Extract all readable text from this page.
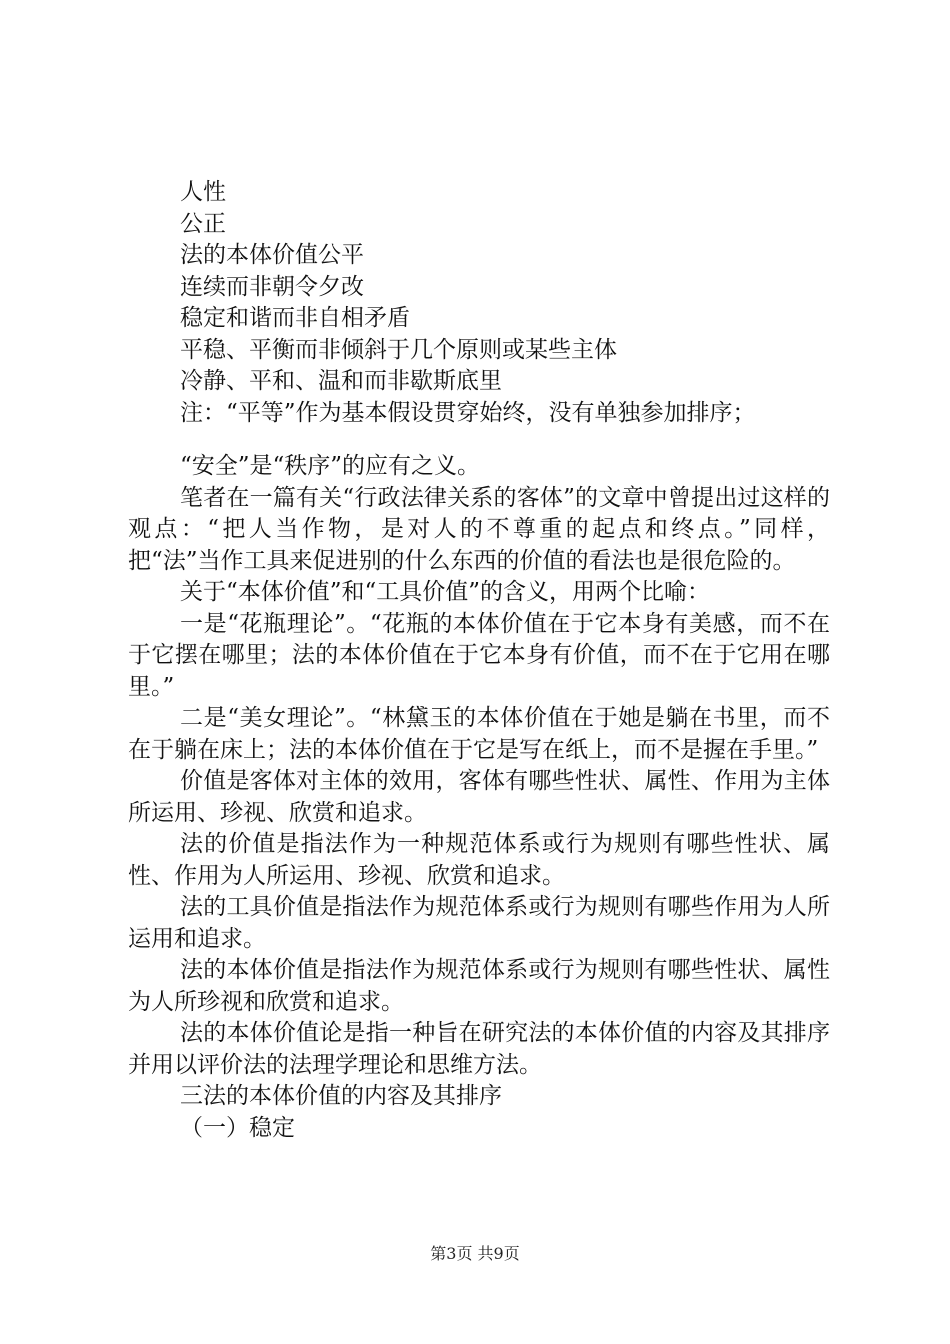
人性
公正
法的本体价值公平
连续而非朝令夕改
稳定和谐而非自相矛盾
平稳、平衡而非倾斜于几个原则或某些主体
冷静、平和、温和而非歇斯底里
注：“平等”作为基本假设贯穿始终，没有单独参加排序；
“安全”是“秩序”的应有之义。
笔者在一篇有关“行政法律关系的客体”的文章中曾提出过这样的观点：“把人当作物，是对人的不尊重的起点和终点。”同样，把“法”当作工具来促进别的什么东西的价值的看法也是很危险的。
关于“本体价值”和“工具价值”的含义，用两个比喻：
一是“花瓶理论”。“花瓶的本体价值在于它本身有美感，而不在于它摆在哪里；法的本体价值在于它本身有价值，而不在于它用在哪里。”
二是“美女理论”。“林黛玉的本体价值在于她是躺在书里，而不在于躺在床上；法的本体价值在于它是写在纸上，而不是握在手里。”
价值是客体对主体的效用，客体有哪些性状、属性、作用为主体所运用、珍视、欣赏和追求。
法的价值是指法作为一种规范体系或行为规则有哪些性状、属性、作用为人所运用、珍视、欣赏和追求。
法的工具价值是指法作为规范体系或行为规则有哪些作用为人所运用和追求。
法的本体价值是指法作为规范体系或行为规则有哪些性状、属性为人所珍视和欣赏和追求。
法的本体价值论是指一种旨在研究法的本体价值的内容及其排序并用以评价法的法理学理论和思维方法。
三法的本体价值的内容及其排序
（一）稳定
第3页 共9页
